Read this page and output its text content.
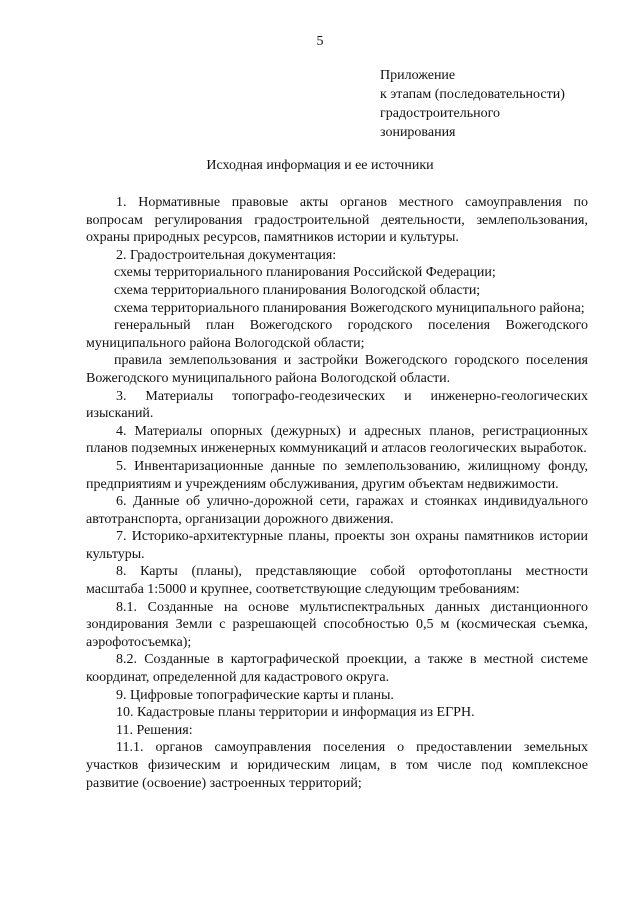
5
Приложение
к этапам (последовательности)
градостроительного
зонирования
Исходная информация и ее источники

1. Нормативные правовые акты органов местного самоуправления по вопросам регулирования градостроительной деятельности, землепользования, охраны природных ресурсов, памятников истории и культуры.

2. Градостроительная документация:

схемы территориального планирования Российской Федерации;

схема территориального планирования Вологодской области;

схема территориального планирования Вожегодского муниципального района;

генеральный план Вожегодского городского поселения Вожегодского муниципального района Вологодской области;

правила землепользования и застройки Вожегодского городского поселения Вожегодского муниципального района Вологодской области.

3. Материалы топографо-геодезических и инженерно-геологических изысканий.

4. Материалы опорных (дежурных) и адресных планов, регистрационных планов подземных инженерных коммуникаций и атласов геологических выработок.

5. Инвентаризационные данные по землепользованию, жилищному фонду, предприятиям и учреждениям обслуживания, другим объектам недвижимости.

6. Данные об улично-дорожной сети, гаражах и стоянках индивидуального автотранспорта, организации дорожного движения.

7. Историко-архитектурные планы, проекты зон охраны памятников истории культуры.

8. Карты (планы), представляющие собой ортофотопланы местности масштаба 1:5000 и крупнее, соответствующие следующим требованиям:

8.1. Созданные на основе мультиспектральных данных дистанционного зондирования Земли с разрешающей способностью 0,5 м (космическая съемка, аэрофотосъемка);

8.2. Созданные в картографической проекции, а также в местной системе координат, определенной для кадастрового округа.

9. Цифровые топографические карты и планы.

10. Кадастровые планы территории и информация из ЕГРН.

11. Решения:

11.1. органов самоуправления поселения о предоставлении земельных участков физическим и юридическим лицам, в том числе под комплексное развитие (освоение) застроенных территорий;
